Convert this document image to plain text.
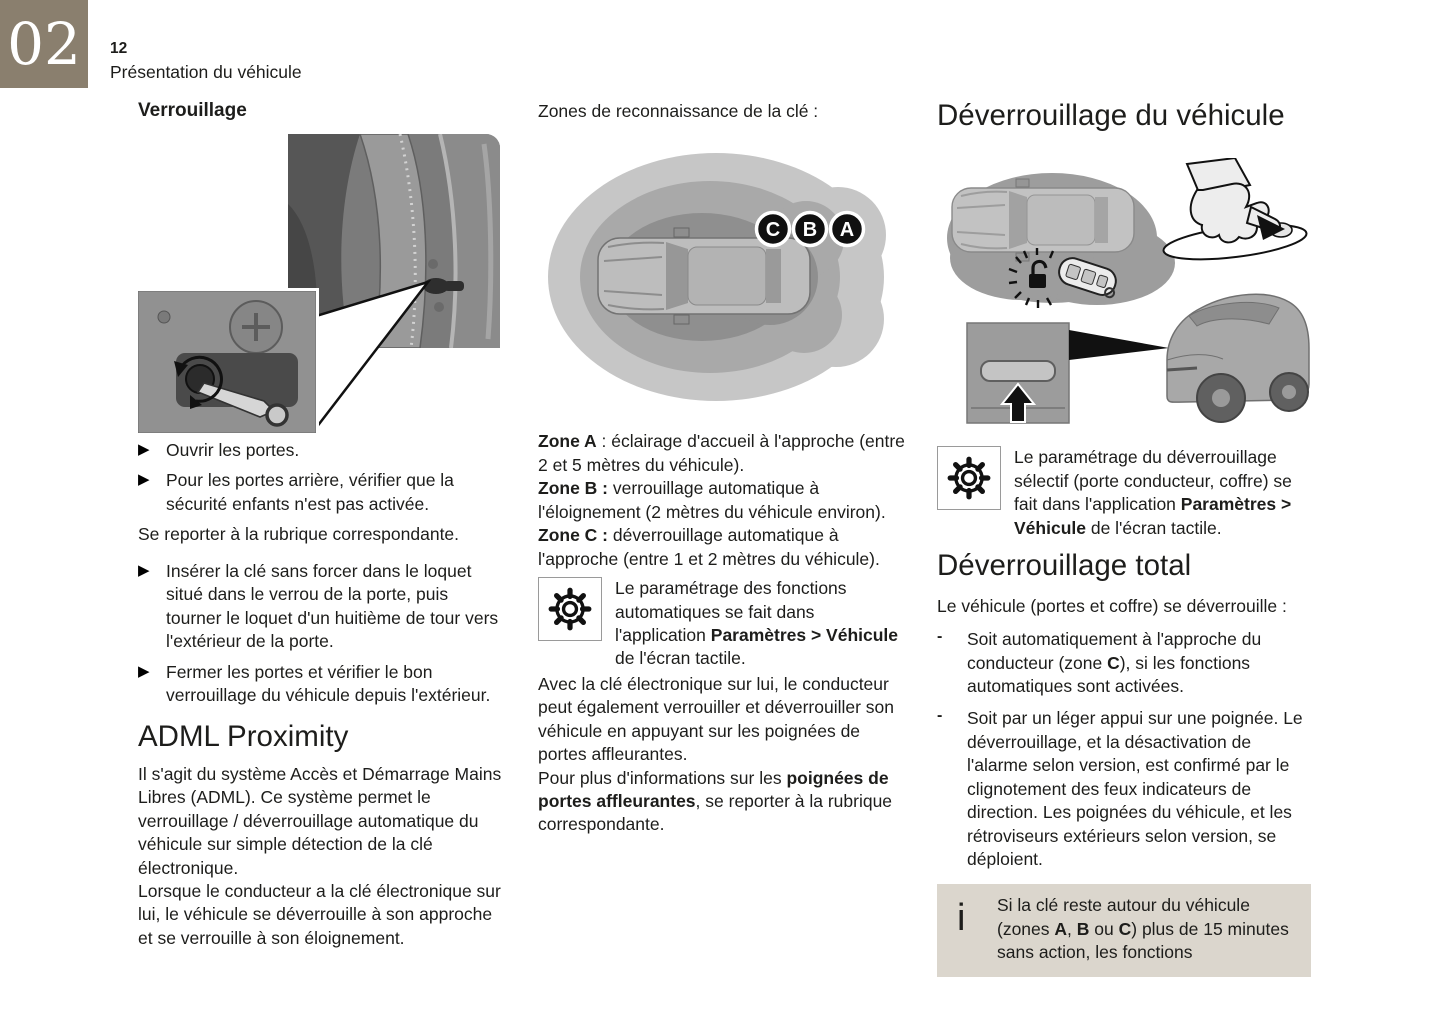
02 12
Présentation du véhicule
Verrouillage
▶ Ouvrir les portes.
▶ Pour les portes arrière, vérifier que la sécurité enfants n'est pas activée.

Se reporter à la rubrique correspondante.

▶ Insérer la clé sans forcer dans le loquet situé dans le verrou de la porte, puis tourner le loquet d'un huitième de tour vers l'extérieur de la porte.
▶ Fermer les portes et vérifier le bon verrouillage du véhicule depuis l'extérieur.
ADML Proximity

Il s'agit du système Accès et Démarrage Mains Libres (ADML). Ce système permet le verrouillage / déverrouillage automatique du véhicule sur simple détection de la clé électronique.

Lorsque le conducteur a la clé électronique sur lui, le véhicule se déverrouille à son approche et se verrouille à son éloignement.

Zones de reconnaissance de la clé :

C B A

Zone A : éclairage d'accueil à l'approche (entre 2 et 5 mètres du véhicule).

Zone B : verrouillage automatique à l'éloignement (2 mètres du véhicule environ).

Zone C : déverrouillage automatique à l'approche (entre 1 et 2 mètres du véhicule).

Le paramétrage des fonctions automatiques se fait dans l'application Paramètres > Véhicule de l'écran tactile.

Avec la clé électronique sur lui, le conducteur peut également verrouiller et déverrouiller son véhicule en appuyant sur les poignées de portes affleurantes.

Pour plus d'informations sur les poignées de portes affleurantes, se reporter à la rubrique correspondante.

Déverrouillage du véhicule

Le paramétrage du déverrouillage sélectif (porte conducteur, coffre) se fait dans l'application Paramètres > Véhicule de l'écran tactile.

Déverrouillage total

Le véhicule (portes et coffre) se déverrouille :

-	Soit automatiquement à l'approche du conducteur (zone C), si les fonctions automatiques sont activées.

-	Soit par un léger appui sur une poignée. Le déverrouillage, et la désactivation de l'alarme selon version, est confirmé par le clignotement des feux indicateurs de direction. Les poignées du véhicule, et les rétroviseurs extérieurs selon version, se déploient.

i	Si la clé reste autour du véhicule (zones A, B ou C) plus de 15 minutes sans action, les fonctions
